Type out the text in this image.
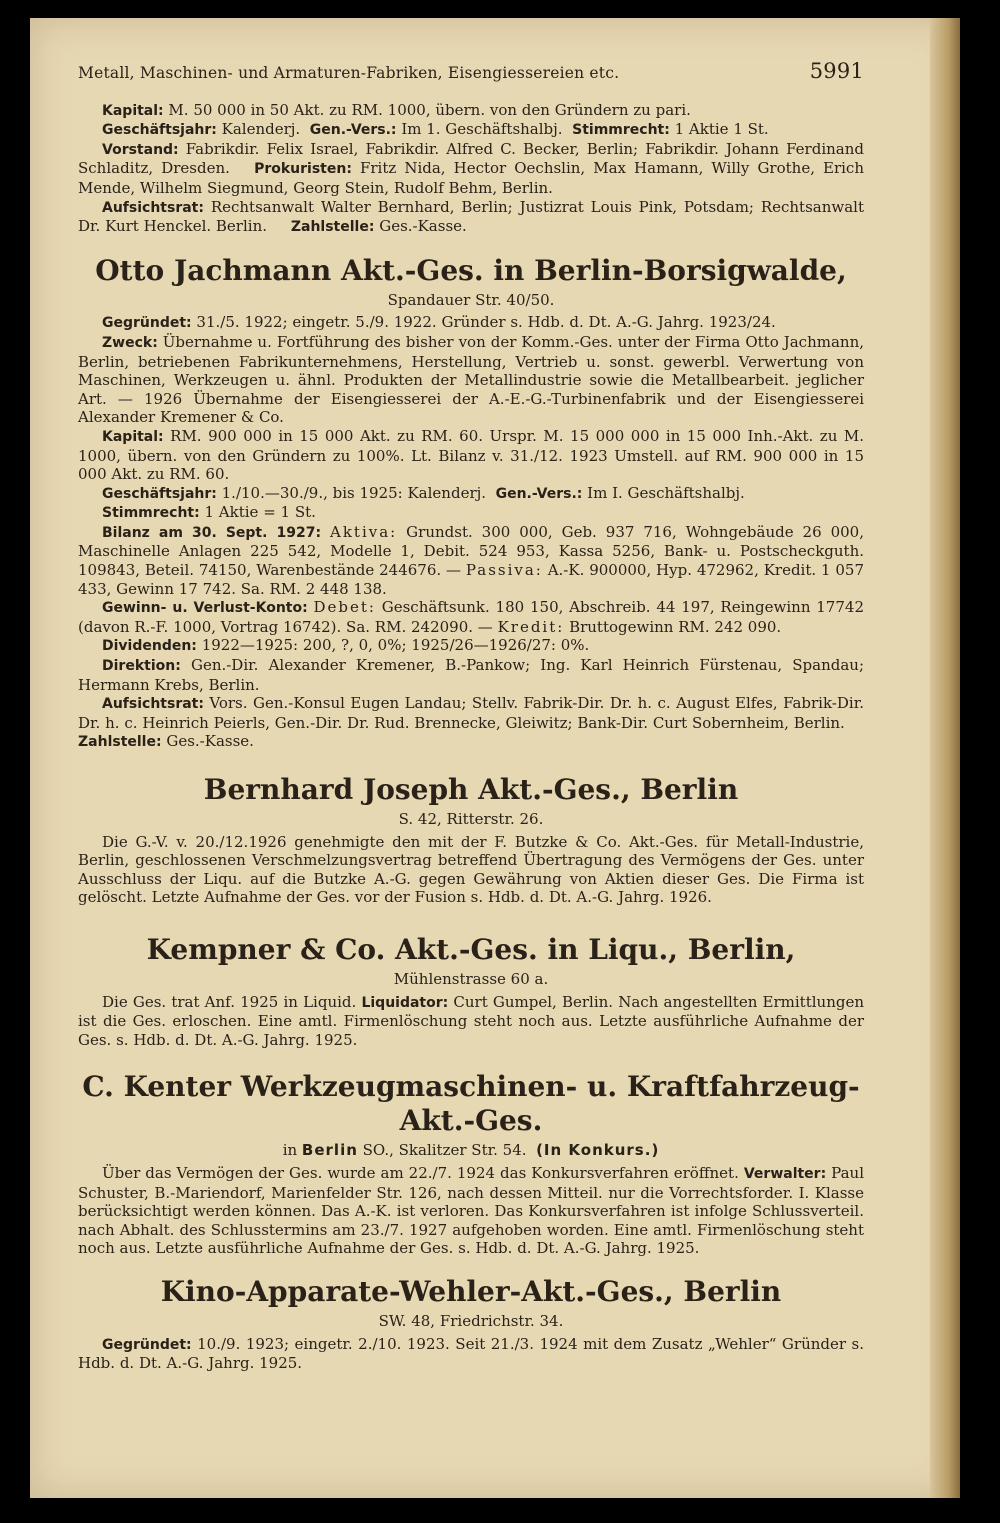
Metall, Maschinen- und Armaturen-Fabriken, Eisengiessereien etc.	5991

Kapital: M. 50 000 in 50 Akt. zu RM. 1000, übern. von den Gründern zu pari.

Geschäftsjahr: Kalenderj. Gen.-Vers.: Im 1. Geschäftshalbj. Stimmrecht: 1 Aktie 1 St.

Vorstand: Fabrikdir. Felix Israel, Fabrikdir. Alfred C. Becker, Berlin; Fabrikdir. Johann Ferdinand Schladitz, Dresden. Prokuristen: Fritz Nida, Hector Oechslin, Max Hamann, Willy Grothe, Erich Mende, Wilhelm Siegmund, Georg Stein, Rudolf Behm, Berlin.

Aufsichtsrat: Rechtsanwalt Walter Bernhard, Berlin; Justizrat Louis Pink, Potsdam; Rechtsanwalt Dr. Kurt Henckel. Berlin. Zahlstelle: Ges.-Kasse.

Otto Jachmann Akt.-Ges. in Berlin-Borsigwalde,
Spandauer Str. 40/50.

Gegründet: 31./5. 1922; eingetr. 5./9. 1922. Gründer s. Hdb. d. Dt. A.-G. Jahrg. 1923/24.

Zweck: Übernahme u. Fortführung des bisher von der Komm.-Ges. unter der Firma Otto Jachmann, Berlin, betriebenen Fabrikunternehmens, Herstellung, Vertrieb u. sonst. gewerbl. Verwertung von Maschinen, Werkzeugen u. ähnl. Produkten der Metallindustrie sowie die Metallbearbeit. jeglicher Art. — 1926 Übernahme der Eisengiesserei der A.-E.-G.-Turbinenfabrik und der Eisengiesserei Alexander Kremener & Co.

Kapital: RM. 900 000 in 15 000 Akt. zu RM. 60. Urspr. M. 15 000 000 in 15 000 Inh.-Akt. zu M. 1000, übern. von den Gründern zu 100%. Lt. Bilanz v. 31./12. 1923 Umstell. auf RM. 900 000 in 15 000 Akt. zu RM. 60.

Geschäftsjahr: 1./10.—30./9., bis 1925: Kalenderj. Gen.-Vers.: Im I. Geschäftshalbj.

Stimmrecht: 1 Aktie = 1 St.

Bilanz am 30. Sept. 1927: Aktiva: Grundst. 300 000, Geb. 937 716, Wohngebäude 26 000, Maschinelle Anlagen 225 542, Modelle 1, Debit. 524 953, Kassa 5256, Bank- u. Postscheckguth. 109843, Beteil. 74150, Warenbestände 244676. — Passiva: A.-K. 900000, Hyp. 472962, Kredit. 1 057 433, Gewinn 17 742. Sa. RM. 2 448 138.

Gewinn- u. Verlust-Konto: Debet: Geschäftsunk. 180 150, Abschreib. 44 197, Reingewinn 17742 (davon R.-F. 1000, Vortrag 16742). Sa. RM. 242090. — Kredit: Bruttogewinn RM. 242 090.

Dividenden: 1922—1925: 200, ?, 0, 0%; 1925/26—1926/27: 0%.

Direktion: Gen.-Dir. Alexander Kremener, B.-Pankow; Ing. Karl Heinrich Fürstenau, Spandau; Hermann Krebs, Berlin.

Aufsichtsrat: Vors. Gen.-Konsul Eugen Landau; Stellv. Fabrik-Dir. Dr. h. c. August Elfes, Fabrik-Dir. Dr. h. c. Heinrich Peierls, Gen.-Dir. Dr. Rud. Brennecke, Gleiwitz; Bank-Dir. Curt Sobernheim, Berlin.     Zahlstelle: Ges.-Kasse.

Bernhard Joseph Akt.-Ges., Berlin
S. 42, Ritterstr. 26.

Die G.-V. v. 20./12.1926 genehmigte den mit der F. Butzke & Co. Akt.-Ges. für Metall-Industrie, Berlin, geschlossenen Verschmelzungsvertrag betreffend Übertragung des Vermögens der Ges. unter Ausschluss der Liqu. auf die Butzke A.-G. gegen Gewährung von Aktien dieser Ges. Die Firma ist gelöscht. Letzte Aufnahme der Ges. vor der Fusion s. Hdb. d. Dt. A.-G. Jahrg. 1926.

Kempner & Co. Akt.-Ges. in Liqu., Berlin,
Mühlenstrasse 60 a.

Die Ges. trat Anf. 1925 in Liquid. Liquidator: Curt Gumpel, Berlin. Nach angestellten Ermittlungen ist die Ges. erloschen. Eine amtl. Firmenlöschung steht noch aus. Letzte ausführliche Aufnahme der Ges. s. Hdb. d. Dt. A.-G. Jahrg. 1925.

C. Kenter Werkzeugmaschinen- u. Kraftfahrzeug-Akt.-Ges.
in Berlin SO., Skalitzer Str. 54. (In Konkurs.)

Über das Vermögen der Ges. wurde am 22./7. 1924 das Konkursverfahren eröffnet. Verwalter: Paul Schuster, B.-Mariendorf, Marienfelder Str. 126, nach dessen Mitteil. nur die Vorrechtsforder. I. Klasse berücksichtigt werden können. Das A.-K. ist verloren. Das Konkursverfahren ist infolge Schlussverteil. nach Abhalt. des Schlusstermins am 23./7. 1927 aufgehoben worden. Eine amtl. Firmenlöschung steht noch aus. Letzte ausführliche Aufnahme der Ges. s. Hdb. d. Dt. A.-G. Jahrg. 1925.

Kino-Apparate-Wehler-Akt.-Ges., Berlin
SW. 48, Friedrichstr. 34.

Gegründet: 10./9. 1923; eingetr. 2./10. 1923. Seit 21./3. 1924 mit dem Zusatz „Wehler“ Gründer s. Hdb. d. Dt. A.-G. Jahrg. 1925.
